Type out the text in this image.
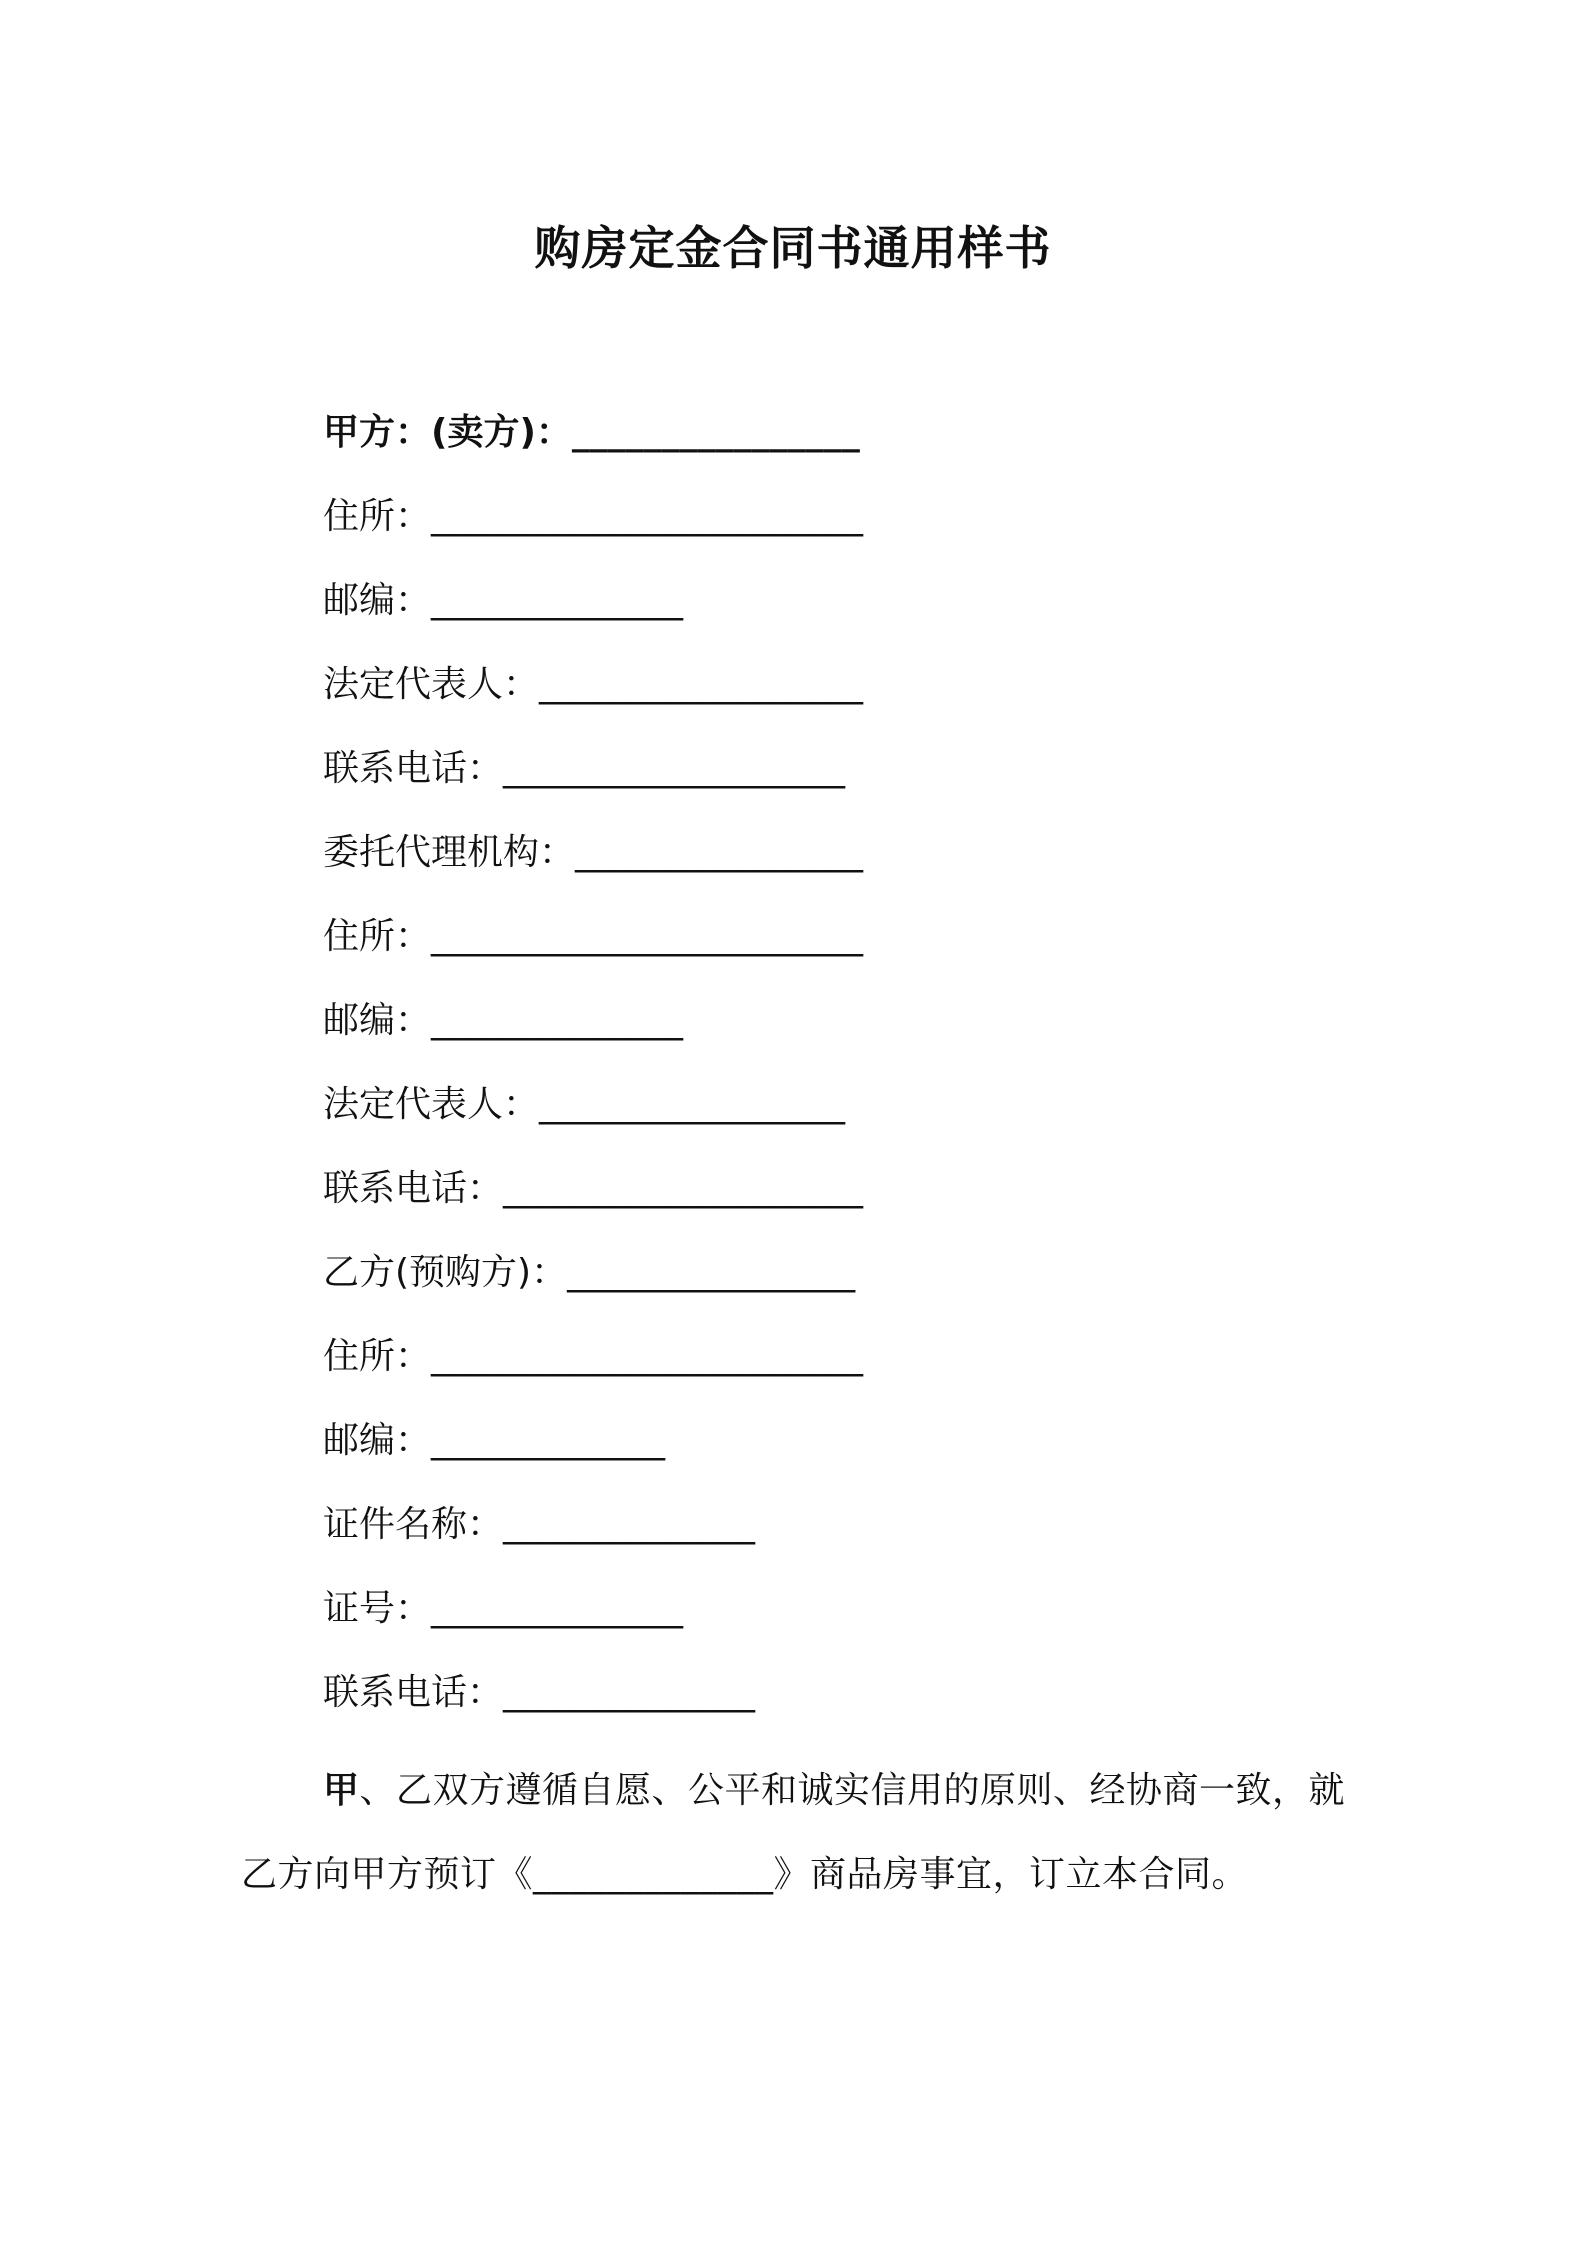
购房定金合同书通用样书
甲方：(卖方)：________________
住所：________________________
邮编：______________
法定代表人：__________________
联系电话：___________________
委托代理机构：________________
住所：________________________
邮编：______________
法定代表人：_________________
联系电话：____________________
乙方(预购方)：________________
住所：________________________
邮编：_____________
证件名称：______________
证号：______________
联系电话：______________

甲、乙双方遵循自愿、公平和诚实信用的原则、经协商一致，就乙方向甲方预订《_____________》商品房事宜，订立本合同。
